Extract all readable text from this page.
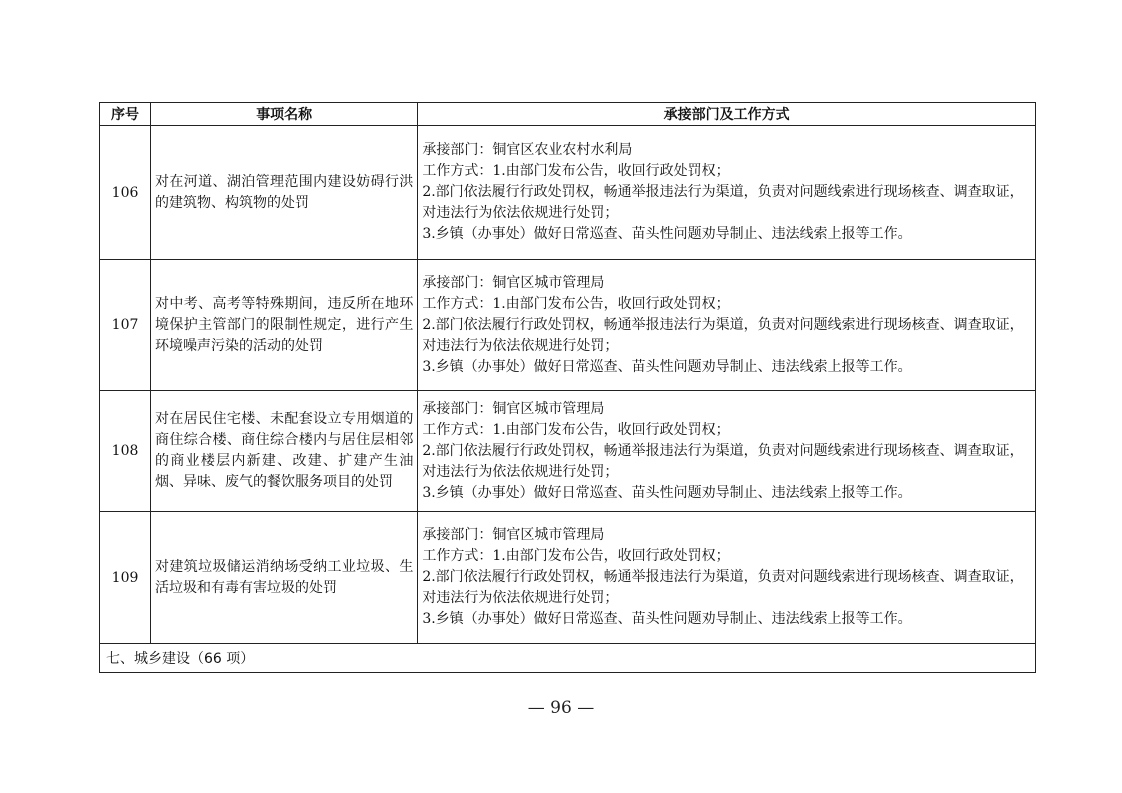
序号	事项名称	承接部门及工作方式
106	对在河道、湖泊管理范围内建设妨碍行洪的建筑物、构筑物的处罚	承接部门：铜官区农业农村水利局
工作方式：1.由部门发布公告，收回行政处罚权；
2.部门依法履行行政处罚权，畅通举报违法行为渠道，负责对问题线索进行现场核查、调查取证，对违法行为依法依规进行处罚；
3.乡镇（办事处）做好日常巡查、苗头性问题劝导制止、违法线索上报等工作。

107	对中考、高考等特殊期间，违反所在地环境保护主管部门的限制性规定，进行产生环境噪声污染的活动的处罚	承接部门：铜官区城市管理局
工作方式：1.由部门发布公告，收回行政处罚权；
2.部门依法履行行政处罚权，畅通举报违法行为渠道，负责对问题线索进行现场核查、调查取证，对违法行为依法依规进行处罚；
3.乡镇（办事处）做好日常巡查、苗头性问题劝导制止、违法线索上报等工作。

108	对在居民住宅楼、未配套设立专用烟道的商住综合楼、商住综合楼内与居住层相邻的商业楼层内新建、改建、扩建产生油烟、异味、废气的餐饮服务项目的处罚	承接部门：铜官区城市管理局
工作方式：1.由部门发布公告，收回行政处罚权；
2.部门依法履行行政处罚权，畅通举报违法行为渠道，负责对问题线索进行现场核查、调查取证，对违法行为依法依规进行处罚；
3.乡镇（办事处）做好日常巡查、苗头性问题劝导制止、违法线索上报等工作。

109	对建筑垃圾储运消纳场受纳工业垃圾、生活垃圾和有毒有害垃圾的处罚	承接部门：铜官区城市管理局
工作方式：1.由部门发布公告，收回行政处罚权；
2.部门依法履行行政处罚权，畅通举报违法行为渠道，负责对问题线索进行现场核查、调查取证，对违法行为依法依规进行处罚；
3.乡镇（办事处）做好日常巡查、苗头性问题劝导制止、违法线索上报等工作。

七、城乡建设（66 项）		
— 96 —
